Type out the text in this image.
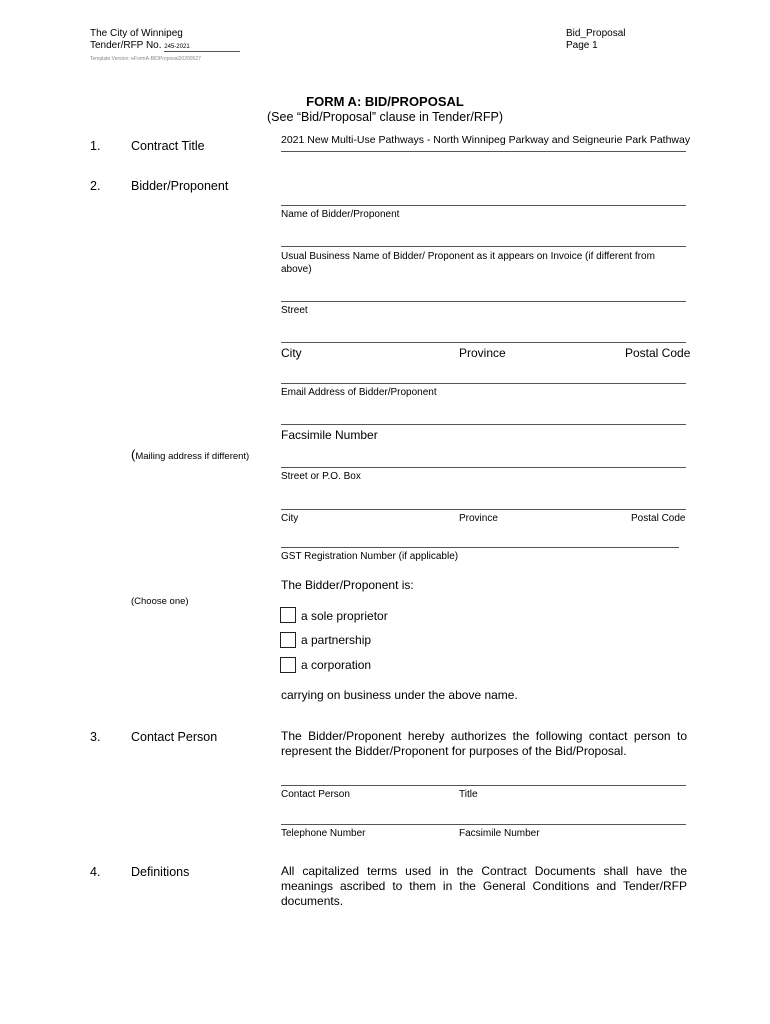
The City of Winnipeg
Tender/RFP No. 245-2021
Template Version: eFormA-BIDProposal20200527
Bid_Proposal
Page 1
FORM A: BID/PROPOSAL
(See “Bid/Proposal” clause in Tender/RFP)
1. Contract Title	2021 New Multi-Use Pathways - North Winnipeg Parkway and Seigneurie Park Pathway
2. Bidder/Proponent
Name of Bidder/Proponent
Usual Business Name of Bidder/ Proponent as it appears on Invoice (if different from
above)
Street
City	Province	Postal Code
Email Address of Bidder/Proponent
Facsimile Number
(Mailing address if different)
Street or P.O. Box
City	Province	Postal Code
GST Registration Number (if applicable)
The Bidder/Proponent is:
(Choose one)
a sole proprietor
a partnership
a corporation
carrying on business under the above name.
3. Contact Person	The Bidder/Proponent hereby authorizes the following contact person to represent the Bidder/Proponent for purposes of the Bid/Proposal.
Contact Person	Title
Telephone Number	Facsimile Number
4. Definitions	All capitalized terms used in the Contract Documents shall have the meanings ascribed to them in the General Conditions and Tender/RFP documents.
